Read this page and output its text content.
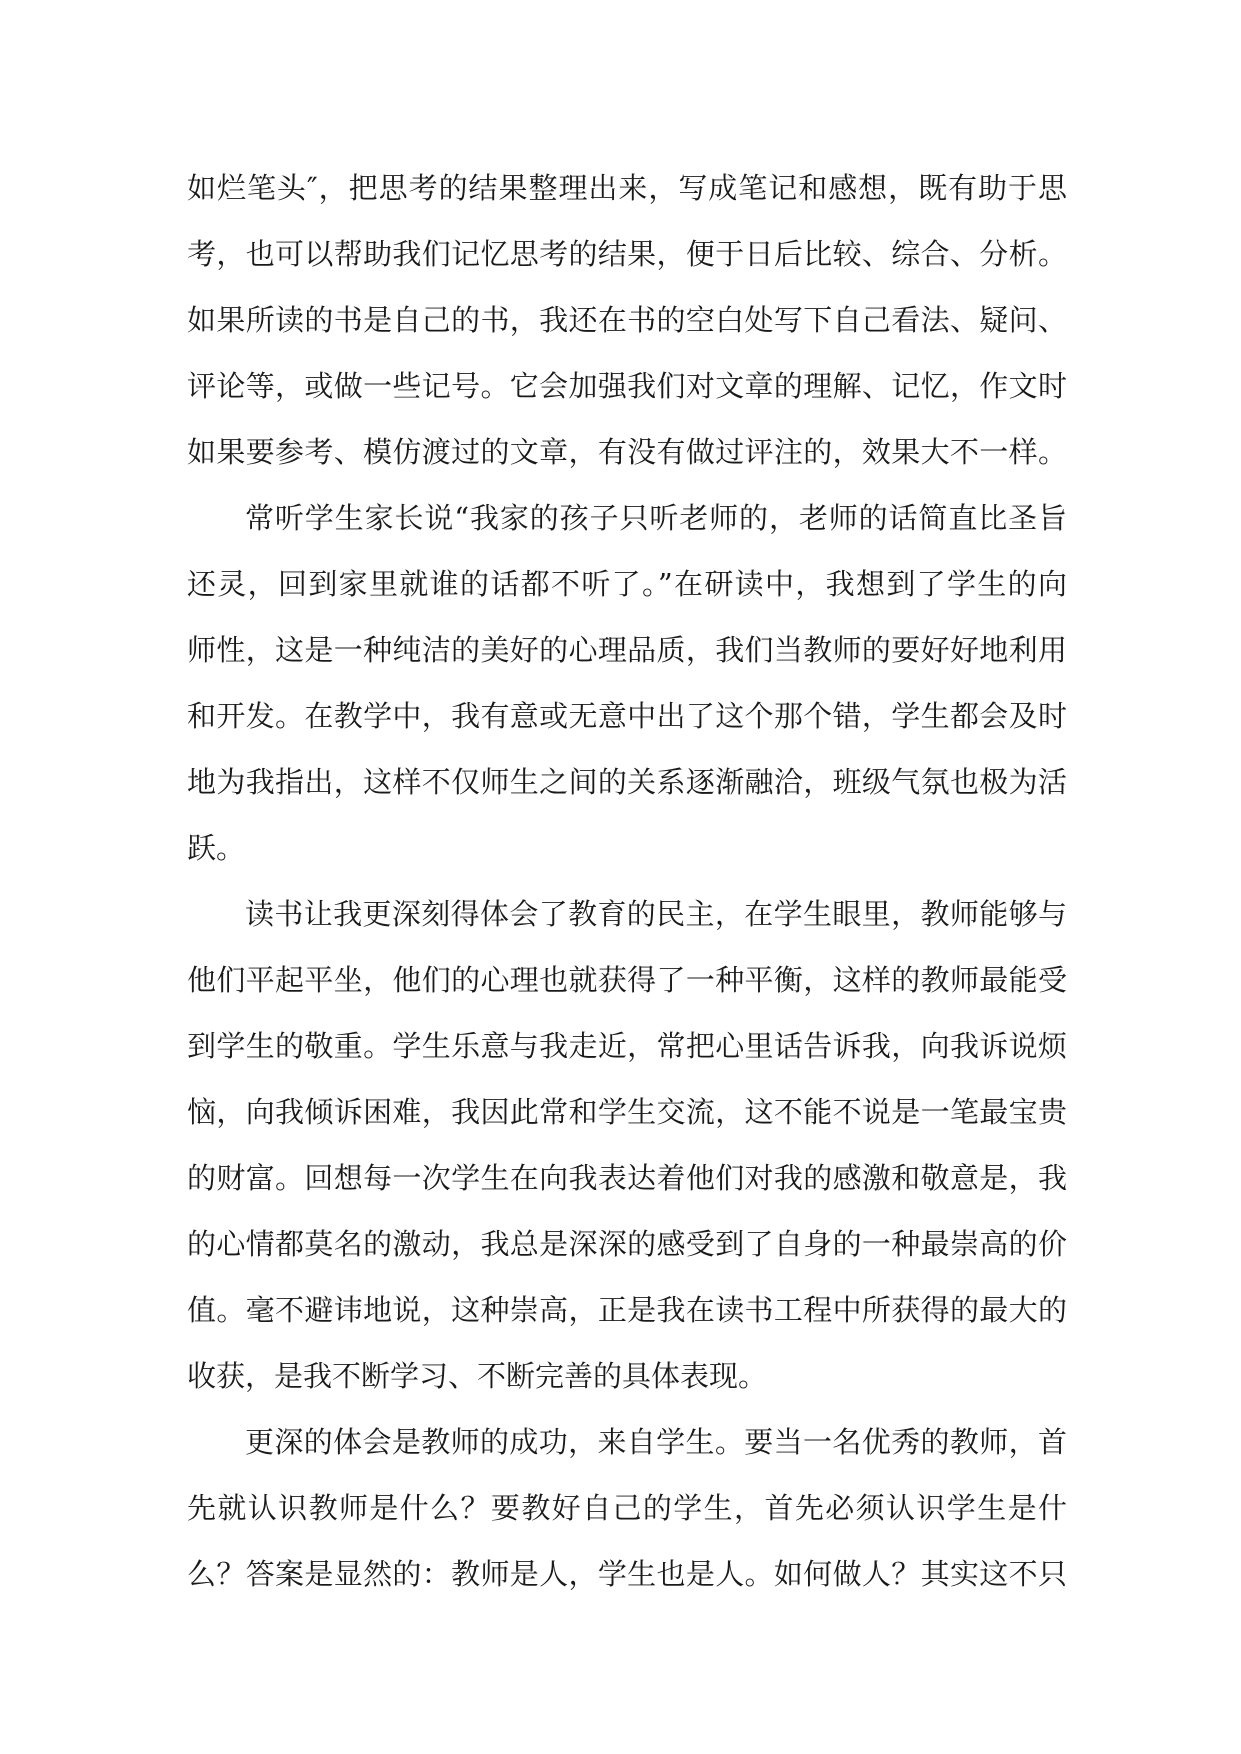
如烂笔头″，把思考的结果整理出来，写成笔记和感想，既有助于思
考，也可以帮助我们记忆思考的结果，便于日后比较、综合、分析。
如果所读的书是自己的书，我还在书的空白处写下自己看法、疑问、
评论等，或做一些记号。它会加强我们对文章的理解、记忆，作文时
如果要参考、模仿渡过的文章，有没有做过评注的，效果大不一样。
常听学生家长说“我家的孩子只听老师的，老师的话简直比圣旨
还灵，回到家里就谁的话都不听了。”在研读中，我想到了学生的向
师性，这是一种纯洁的美好的心理品质，我们当教师的要好好地利用
和开发。在教学中，我有意或无意中出了这个那个错，学生都会及时
地为我指出，这样不仅师生之间的关系逐渐融洽，班级气氛也极为活
跃。
读书让我更深刻得体会了教育的民主，在学生眼里，教师能够与
他们平起平坐，他们的心理也就获得了一种平衡，这样的教师最能受
到学生的敬重。学生乐意与我走近，常把心里话告诉我，向我诉说烦
恼，向我倾诉困难，我因此常和学生交流，这不能不说是一笔最宝贵
的财富。回想每一次学生在向我表达着他们对我的感激和敬意是，我
的心情都莫名的激动，我总是深深的感受到了自身的一种最崇高的价
值。毫不避讳地说，这种崇高，正是我在读书工程中所获得的最大的
收获，是我不断学习、不断完善的具体表现。
更深的体会是教师的成功，来自学生。要当一名优秀的教师，首
先就认识教师是什么？要教好自己的学生，首先必须认识学生是什
么？答案是显然的：教师是人，学生也是人。如何做人？其实这不只
